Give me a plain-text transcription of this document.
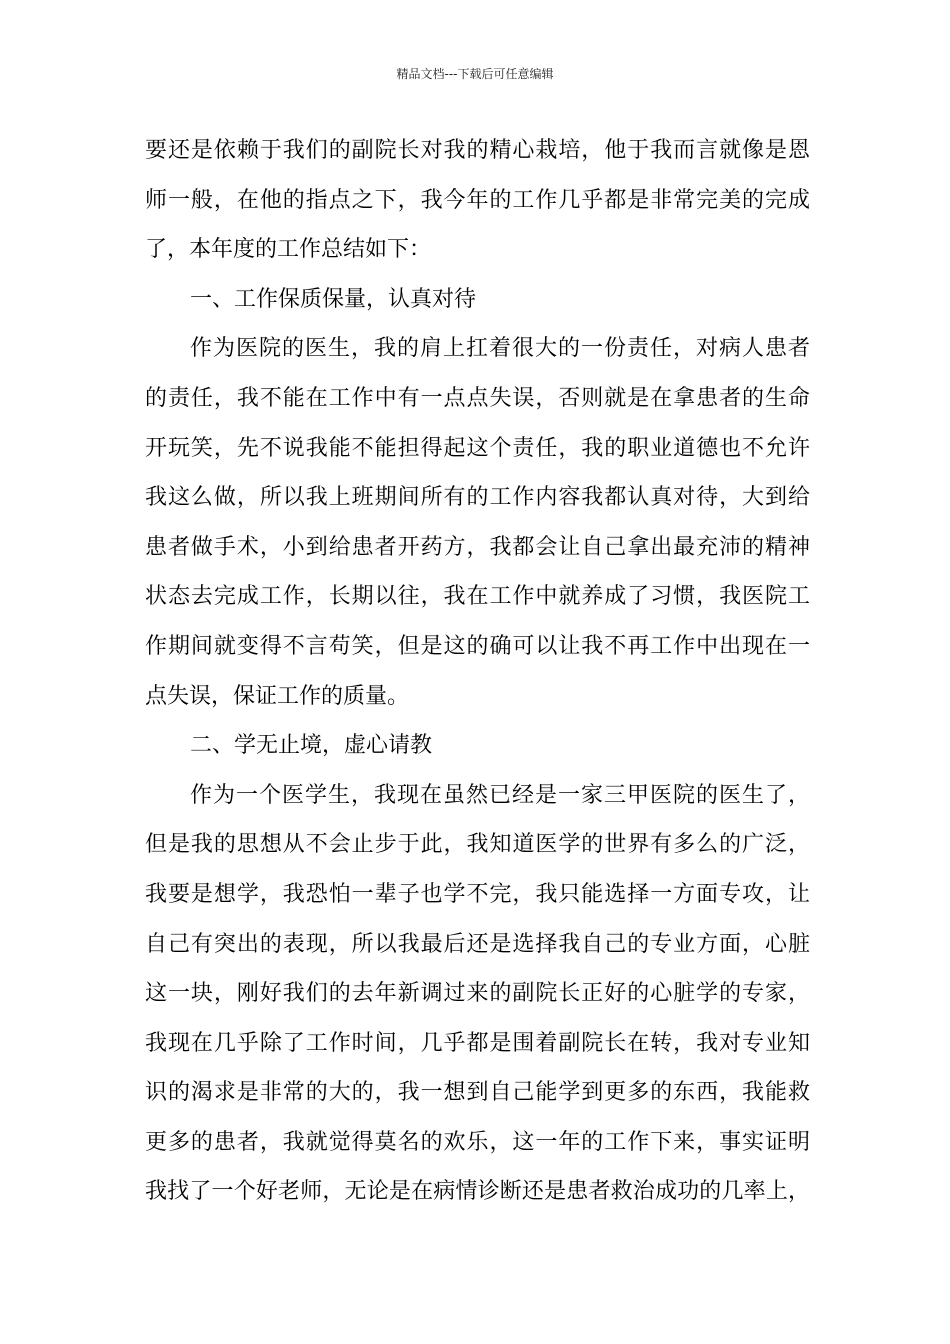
精品文档---下载后可任意编辑
要还是依赖于我们的副院长对我的精心栽培，他于我而言就像是恩
师一般，在他的指点之下，我今年的工作几乎都是非常完美的完成
了，本年度的工作总结如下：
一、工作保质保量，认真对待
作为医院的医生，我的肩上扛着很大的一份责任，对病人患者
的责任，我不能在工作中有一点点失误，否则就是在拿患者的生命
开玩笑，先不说我能不能担得起这个责任，我的职业道德也不允许
我这么做，所以我上班期间所有的工作内容我都认真对待，大到给
患者做手术，小到给患者开药方，我都会让自己拿出最充沛的精神
状态去完成工作，长期以往，我在工作中就养成了习惯，我医院工
作期间就变得不言苟笑，但是这的确可以让我不再工作中出现在一
点失误，保证工作的质量。
二、学无止境，虚心请教
作为一个医学生，我现在虽然已经是一家三甲医院的医生了，
但是我的思想从不会止步于此，我知道医学的世界有多么的广泛，
我要是想学，我恐怕一辈子也学不完，我只能选择一方面专攻，让
自己有突出的表现，所以我最后还是选择我自己的专业方面，心脏
这一块，刚好我们的去年新调过来的副院长正好的心脏学的专家，
我现在几乎除了工作时间，几乎都是围着副院长在转，我对专业知
识的渴求是非常的大的，我一想到自己能学到更多的东西，我能救
更多的患者，我就觉得莫名的欢乐，这一年的工作下来，事实证明
我找了一个好老师，无论是在病情诊断还是患者救治成功的几率上，
